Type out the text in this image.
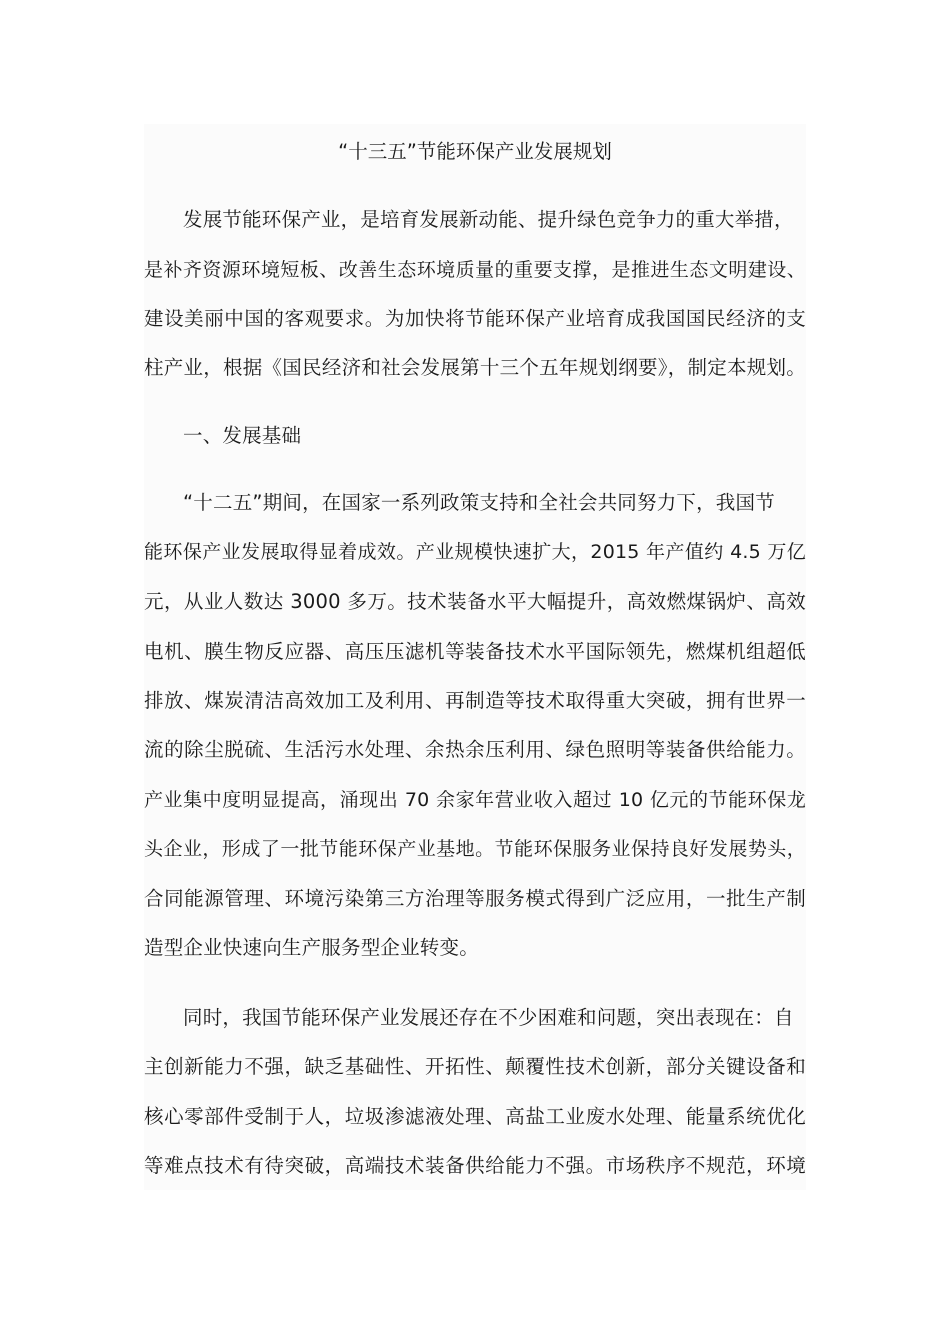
“十三五”节能环保产业发展规划
发展节能环保产业，是培育发展新动能、提升绿色竞争力的重大举措，
是补齐资源环境短板、改善生态环境质量的重要支撑，是推进生态文明建设、
建设美丽中国的客观要求。为加快将节能环保产业培育成我国国民经济的支
柱产业，根据《国民经济和社会发展第十三个五年规划纲要》，制定本规划。
一、发展基础
“十二五”期间，在国家一系列政策支持和全社会共同努力下，我国节
能环保产业发展取得显着成效。产业规模快速扩大，2015 年产值约 4.5 万亿
元，从业人数达 3000 多万。技术装备水平大幅提升，高效燃煤锅炉、高效
电机、膜生物反应器、高压压滤机等装备技术水平国际领先，燃煤机组超低
排放、煤炭清洁高效加工及利用、再制造等技术取得重大突破，拥有世界一
流的除尘脱硫、生活污水处理、余热余压利用、绿色照明等装备供给能力。
产业集中度明显提高，涌现出 70 余家年营业收入超过 10 亿元的节能环保龙
头企业，形成了一批节能环保产业基地。节能环保服务业保持良好发展势头，
合同能源管理、环境污染第三方治理等服务模式得到广泛应用，一批生产制
造型企业快速向生产服务型企业转变。
同时，我国节能环保产业发展还存在不少困难和问题，突出表现在：自
主创新能力不强，缺乏基础性、开拓性、颠覆性技术创新，部分关键设备和
核心零部件受制于人，垃圾渗滤液处理、高盐工业废水处理、能量系统优化
等难点技术有待突破，高端技术装备供给能力不强。市场秩序不规范，环境
